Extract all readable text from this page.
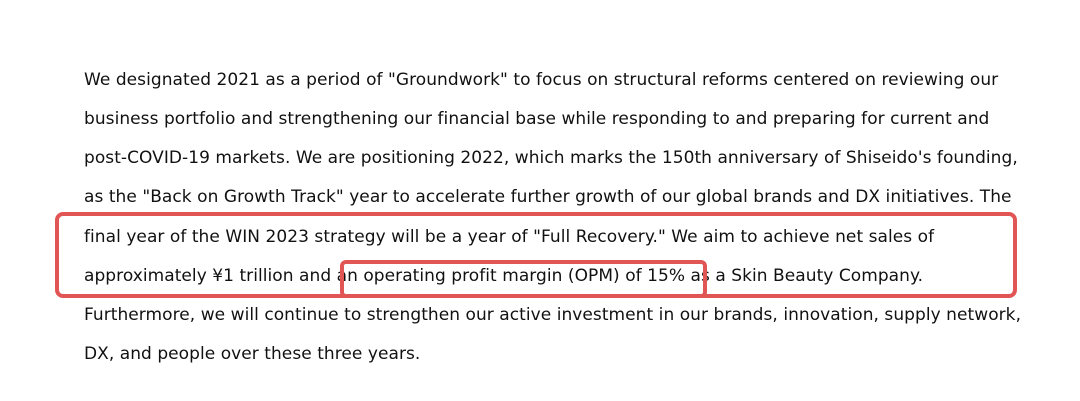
We designated 2021 as a period of "Groundwork" to focus on structural reforms centered on reviewing our
business portfolio and strengthening our financial base while responding to and preparing for current and
post-COVID-19 markets. We are positioning 2022, which marks the 150th anniversary of Shiseido's founding,
as the "Back on Growth Track" year to accelerate further growth of our global brands and DX initiatives. The
final year of the WIN 2023 strategy will be a year of "Full Recovery." We aim to achieve net sales of
approximately ¥1 trillion and an operating profit margin (OPM) of 15% as a Skin Beauty Company.
Furthermore, we will continue to strengthen our active investment in our brands, innovation, supply network,
DX, and people over these three years.
